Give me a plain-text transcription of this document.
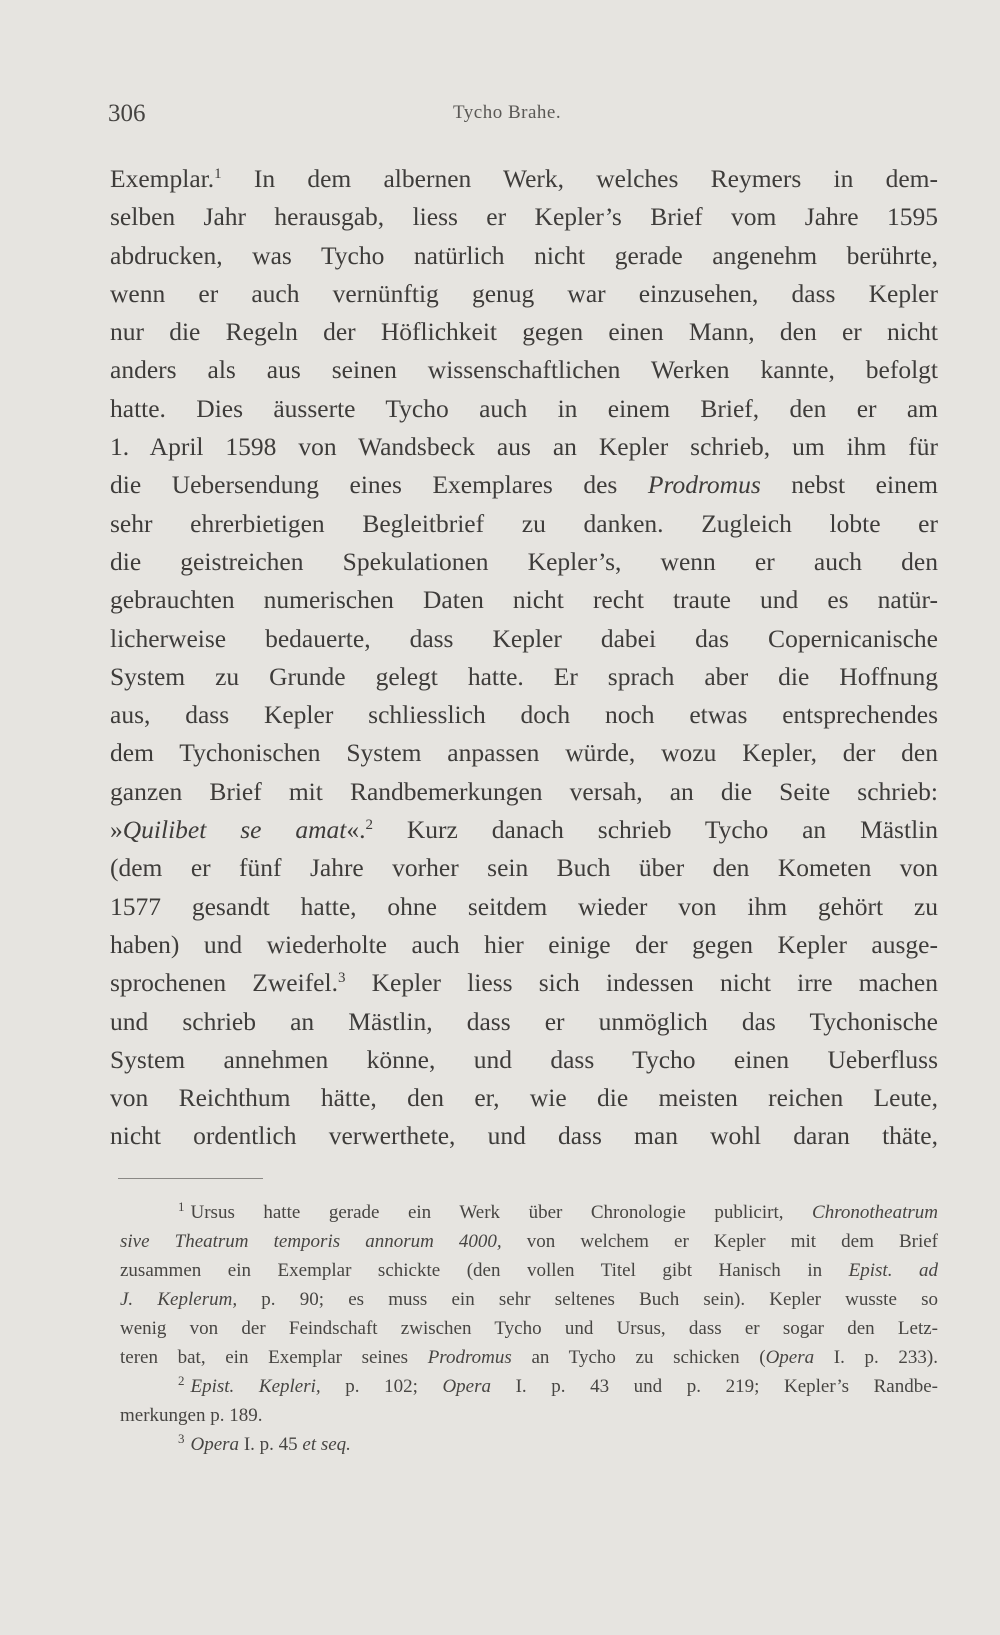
306	Tycho Brahe.
Exemplar.$^1$ In dem albernen Werk, welches Reymers in dem-
selben Jahr herausgab, liess er Kepler’s Brief vom Jahre 1595
abdrucken, was Tycho natürlich nicht gerade angenehm berührte,
wenn er auch vernünftig genug war einzusehen, dass Kepler
nur die Regeln der Höflichkeit gegen einen Mann, den er nicht
anders als aus seinen wissenschaftlichen Werken kannte, befolgt
hatte. Dies äusserte Tycho auch in einem Brief, den er am
1. April 1598 von Wandsbeck aus an Kepler schrieb, um ihm für
die Uebersendung eines Exemplares des Prodromus nebst einem
sehr ehrerbietigen Begleitbrief zu danken. Zugleich lobte er
die geistreichen Spekulationen Kepler’s, wenn er auch den
gebrauchten numerischen Daten nicht recht traute und es natür-
licherweise bedauerte, dass Kepler dabei das Copernicanische
System zu Grunde gelegt hatte. Er sprach aber die Hoffnung
aus, dass Kepler schliesslich doch noch etwas entsprechendes
dem Tychonischen System anpassen würde, wozu Kepler, der den
ganzen Brief mit Randbemerkungen versah, an die Seite schrieb:
»Quilibet se amat«.$^2$ Kurz danach schrieb Tycho an Mästlin
(dem er fünf Jahre vorher sein Buch über den Kometen von
1577 gesandt hatte, ohne seitdem wieder von ihm gehört zu
haben) und wiederholte auch hier einige der gegen Kepler ausge-
sprochenen Zweifel.$^3$ Kepler liess sich indessen nicht irre machen
und schrieb an Mästlin, dass er unmöglich das Tychonische
System annehmen könne, und dass Tycho einen Ueberfluss
von Reichthum hätte, den er, wie die meisten reichen Leute,
nicht ordentlich verwerthete, und dass man wohl daran thäte,
$^1$ Ursus hatte gerade ein Werk über Chronologie publicirt, Chronotheatrum
sive Theatrum temporis annorum 4000, von welchem er Kepler mit dem Brief
zusammen ein Exemplar schickte (den vollen Titel gibt Hanisch in Epist. ad
J. Keplerum, p. 90; es muss ein sehr seltenes Buch sein). Kepler wusste so
wenig von der Feindschaft zwischen Tycho und Ursus, dass er sogar den Letz-
teren bat, ein Exemplar seines Prodromus an Tycho zu schicken (Opera I. p. 233).
$^2$ Epist. Kepleri, p. 102; Opera I. p. 43 und p. 219; Kepler’s Randbe-
merkungen p. 189.
$^3$ Opera I. p. 45 et seq.
